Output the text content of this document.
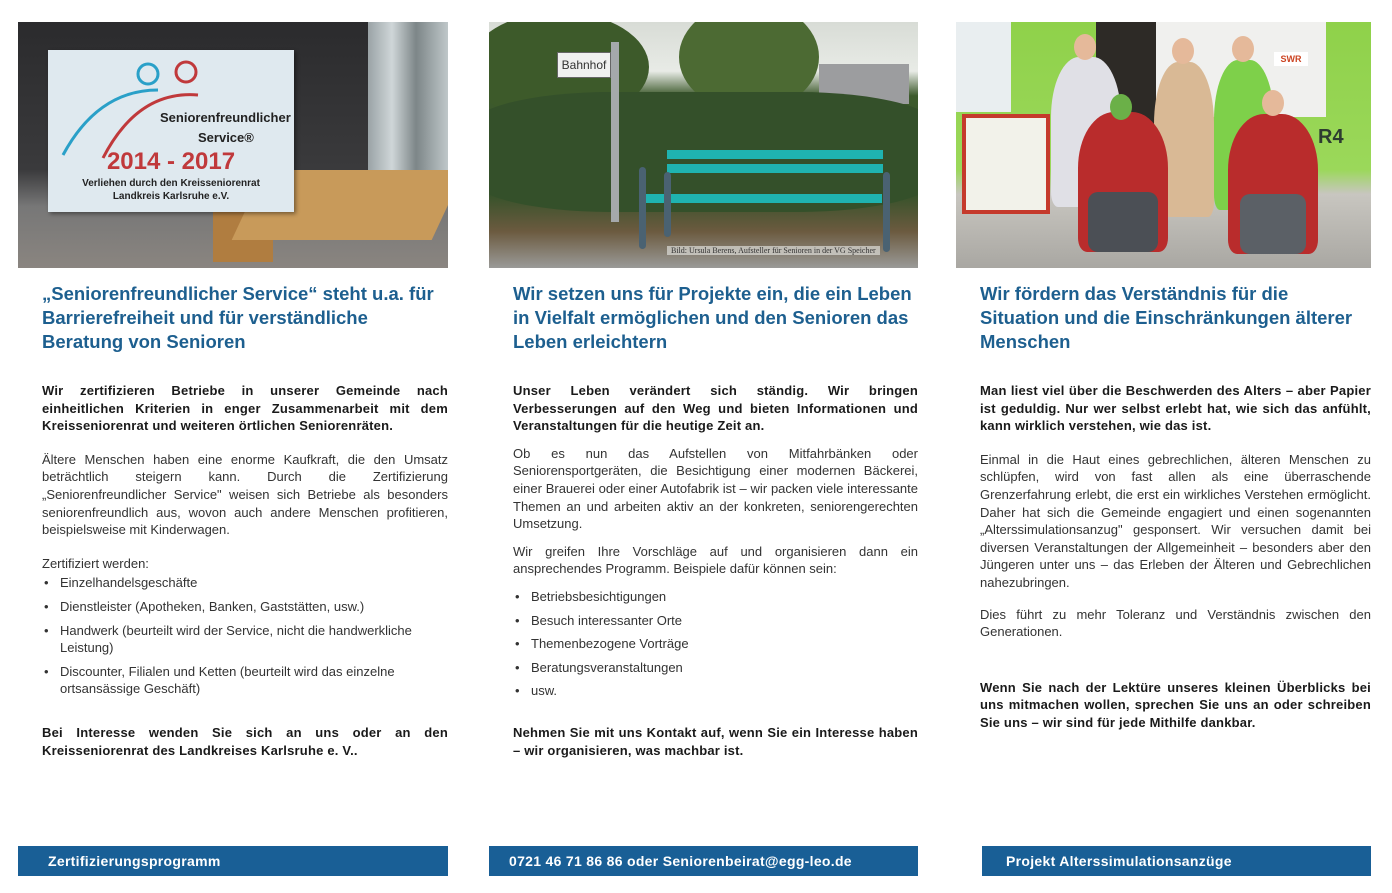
Seniorenfreundlicher
Service®
2014 - 2017
Verliehen durch den Kreisseniorenrat
Landkreis Karlsruhe e.V.
Bahnhof
Bild: Ursula Berens, Aufsteller für Senioren in der VG Speicher
SWR
R4
„Seniorenfreundlicher Service“ steht u.a. für Barrierefreiheit und für verständliche Beratung von Senioren
Wir zertifizieren Betriebe in unserer Gemeinde nach einheitlichen Kriterien in enger Zusammenarbeit mit dem Kreisseniorenrat und weiteren örtlichen Seniorenräten.
Ältere Menschen haben eine enorme Kaufkraft, die den Umsatz beträchtlich steigern kann. Durch die Zertifizierung „Seniorenfreundlicher Service" weisen sich Betriebe als besonders seniorenfreundlich aus, wovon auch andere Menschen profitieren, beispielsweise mit Kinderwagen.
Zertifiziert werden:
• Einzelhandelsgeschäfte
• Dienstleister (Apotheken, Banken, Gaststätten, usw.)
• Handwerk (beurteilt wird der Service, nicht die handwerkliche Leistung)
• Discounter, Filialen und Ketten (beurteilt wird das einzelne ortsansässige Geschäft)
Bei Interesse wenden Sie sich an uns oder an den Kreisseniorenrat des Landkreises Karlsruhe e. V..
Wir setzen uns für Projekte ein, die ein Leben in Vielfalt ermöglichen und den Senioren das Leben erleichtern
Unser Leben verändert sich ständig. Wir bringen Verbesserungen auf den Weg und bieten Informationen und Veranstaltungen für die heutige Zeit an.
Ob es nun das Aufstellen von Mitfahrbänken oder Seniorensportgeräten, die Besichtigung einer modernen Bäckerei, einer Brauerei oder einer Autofabrik ist – wir packen viele interessante Themen an und arbeiten aktiv an der konkreten, seniorengerechten Umsetzung.
Wir greifen Ihre Vorschläge auf und organisieren dann ein ansprechendes Programm. Beispiele dafür können sein:
• Betriebsbesichtigungen
• Besuch interessanter Orte
• Themenbezogene Vorträge
• Beratungsveranstaltungen
• usw.
Nehmen Sie mit uns Kontakt auf, wenn Sie ein Interesse haben – wir organisieren, was machbar ist.
Wir fördern das Verständnis für die Situation und die Einschränkungen älterer Menschen
Man liest viel über die Beschwerden des Alters – aber Papier ist geduldig. Nur wer selbst erlebt hat, wie sich das anfühlt, kann wirklich verstehen, wie das ist.
Einmal in die Haut eines gebrechlichen, älteren Menschen zu schlüpfen, wird von fast allen als eine überraschende Grenzerfahrung erlebt, die erst ein wirkliches Verstehen ermöglicht. Daher hat sich die Gemeinde engagiert und einen sogenannten „Alterssimulationsanzug" gesponsert. Wir versuchen damit bei diversen Veranstaltungen der Allgemeinheit – besonders aber den Jüngeren unter uns – das Erleben der Älteren und Gebrechlichen nahezubringen.
Dies führt zu mehr Toleranz und Verständnis zwischen den Generationen.
Wenn Sie nach der Lektüre unseres kleinen Überblicks bei uns mitmachen wollen, sprechen Sie uns an oder schreiben Sie uns – wir sind für jede Mithilfe dankbar.
Zertifizierungsprogramm	0721 46 71 86 86 oder Seniorenbeirat@egg-leo.de	Projekt Alterssimulationsanzüge
